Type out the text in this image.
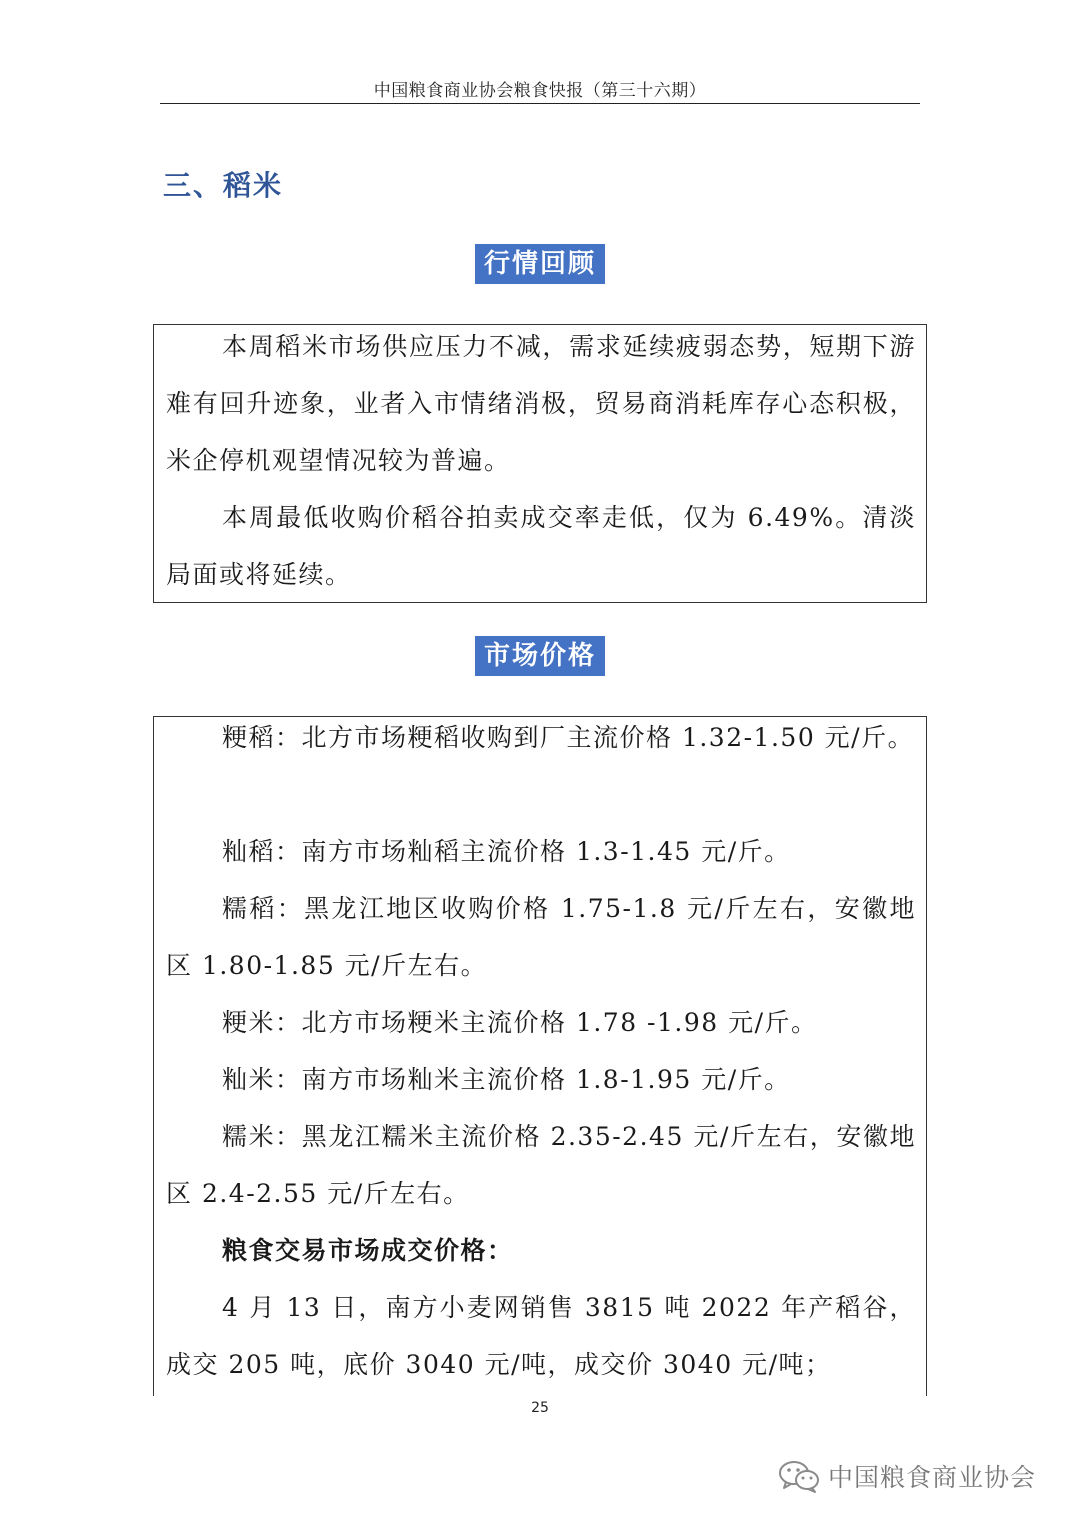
中国粮食商业协会粮食快报（第三十六期）
三、稻米
行情回顾

本周稻米市场供应压力不减，需求延续疲弱态势，短期下游难有回升迹象，业者入市情绪消极，贸易商消耗库存心态积极，米企停机观望情况较为普遍。

本周最低收购价稻谷拍卖成交率走低，仅为 6.49%。清淡局面或将延续。

市场价格

粳稻：北方市场粳稻收购到厂主流价格 1.32-1.50 元/斤。

籼稻：南方市场籼稻主流价格 1.3-1.45 元/斤。

糯稻：黑龙江地区收购价格 1.75-1.8 元/斤左右，安徽地区 1.80-1.85 元/斤左右。

粳米：北方市场粳米主流价格 1.78 -1.98 元/斤。

籼米：南方市场籼米主流价格 1.8-1.95 元/斤。

糯米：黑龙江糯米主流价格 2.35-2.45 元/斤左右，安徽地区 2.4-2.55 元/斤左右。

粮食交易市场成交价格：

4 月 13 日，南方小麦网销售 3815 吨 2022 年产稻谷，成交 205 吨，底价 3040 元/吨，成交价 3040 元/吨；

25
中国粮食商业协会
